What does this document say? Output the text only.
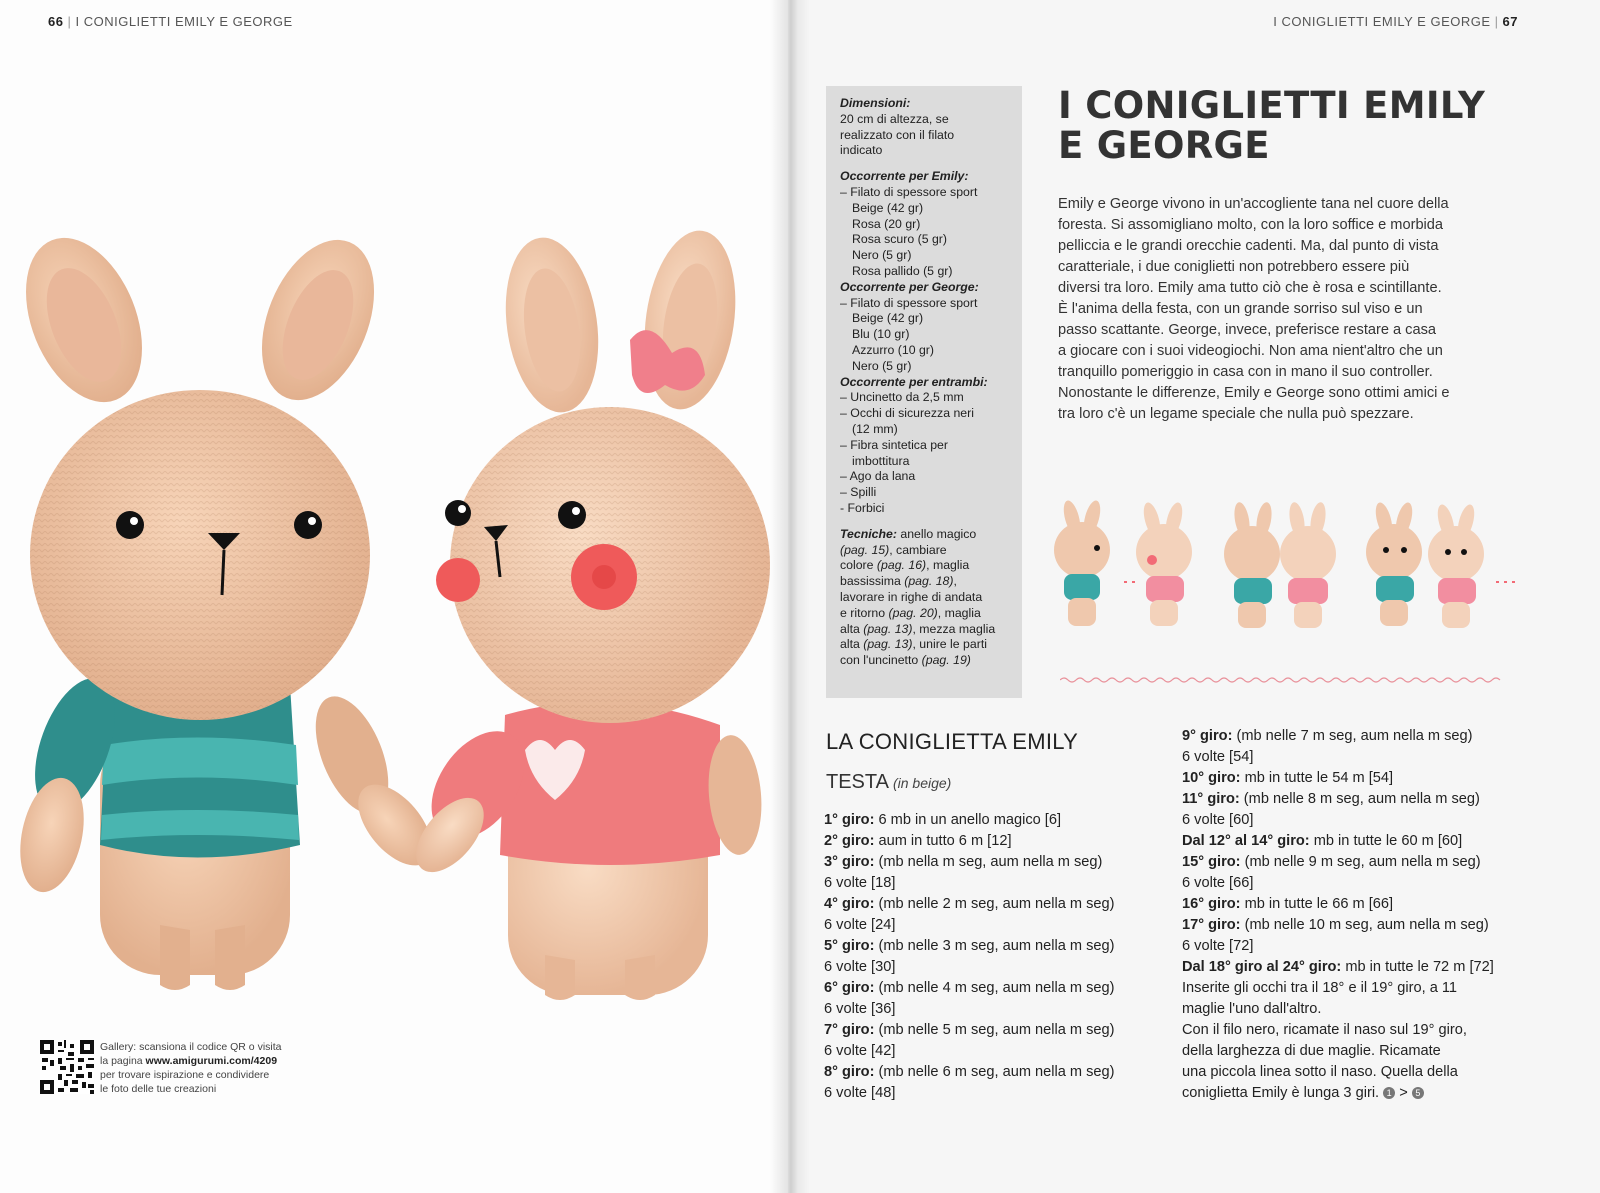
66 | I CONIGLIETTI EMILY E GEORGE
Gallery: scansiona il codice QR o visita
la pagina www.amigurumi.com/4209
per trovare ispirazione e condividere
le foto delle tue creazioni
I CONIGLIETTI EMILY E GEORGE | 67
Dimensioni:
20 cm di altezza, se
realizzato con il filato
indicato
Occorrente per Emily:
– Filato di spessore sport
Beige (42 gr)
Rosa (20 gr)
Rosa scuro (5 gr)
Nero (5 gr)
Rosa pallido (5 gr)
Occorrente per George:
– Filato di spessore sport
Beige (42 gr)
Blu (10 gr)
Azzurro (10 gr)
Nero (5 gr)
Occorrente per entrambi:
– Uncinetto da 2,5 mm
– Occhi di sicurezza neri
(12 mm)
– Fibra sintetica per
imbottitura
– Ago da lana
– Spilli
- Forbici
Tecniche: anello magico
(pag. 15), cambiare
colore (pag. 16), maglia
bassissima (pag. 18),
lavorare in righe di andata
e ritorno (pag. 20), maglia
alta (pag. 13), mezza maglia
alta (pag. 13), unire le parti
con l'uncinetto (pag. 19)
I CONIGLIETTI EMILY
E GEORGE
Emily e George vivono in un'accogliente tana nel cuore della
foresta. Si assomigliano molto, con la loro soffice e morbida
pelliccia e le grandi orecchie cadenti. Ma, dal punto di vista
caratteriale, i due coniglietti non potrebbero essere più
diversi tra loro. Emily ama tutto ciò che è rosa e scintillante.
È l'anima della festa, con un grande sorriso sul viso e un
passo scattante. George, invece, preferisce restare a casa
a giocare con i suoi videogiochi. Non ama nient'altro che un
tranquillo pomeriggio in casa con in mano il suo controller.
Nonostante le differenze, Emily e George sono ottimi amici e
tra loro c'è un legame speciale che nulla può spezzare.
LA CONIGLIETTA EMILY
TESTA (in beige)
1° giro: 6 mb in un anello magico [6]
2° giro: aum in tutto 6 m [12]
3° giro: (mb nella m seg, aum nella m seg)
6 volte [18]
4° giro: (mb nelle 2 m seg, aum nella m seg)
6 volte [24]
5° giro: (mb nelle 3 m seg, aum nella m seg)
6 volte [30]
6° giro: (mb nelle 4 m seg, aum nella m seg)
6 volte [36]
7° giro: (mb nelle 5 m seg, aum nella m seg)
6 volte [42]
8° giro: (mb nelle 6 m seg, aum nella m seg)
6 volte [48]
9° giro: (mb nelle 7 m seg, aum nella m seg)
6 volte [54]
10° giro: mb in tutte le 54 m [54]
11° giro: (mb nelle 8 m seg, aum nella m seg)
6 volte [60]
Dal 12° al 14° giro: mb in tutte le 60 m [60]
15° giro: (mb nelle 9 m seg, aum nella m seg)
6 volte [66]
16° giro: mb in tutte le 66 m [66]
17° giro: (mb nelle 10 m seg, aum nella m seg)
6 volte [72]
Dal 18° giro al 24° giro: mb in tutte le 72 m [72]
Inserite gli occhi tra il 18° e il 19° giro, a 11
maglie l'uno dall'altro.
Con il filo nero, ricamate il naso sul 19° giro,
della larghezza di due maglie. Ricamate
una piccola linea sotto il naso. Quella della
coniglietta Emily è lunga 3 giri. 1 > 5
